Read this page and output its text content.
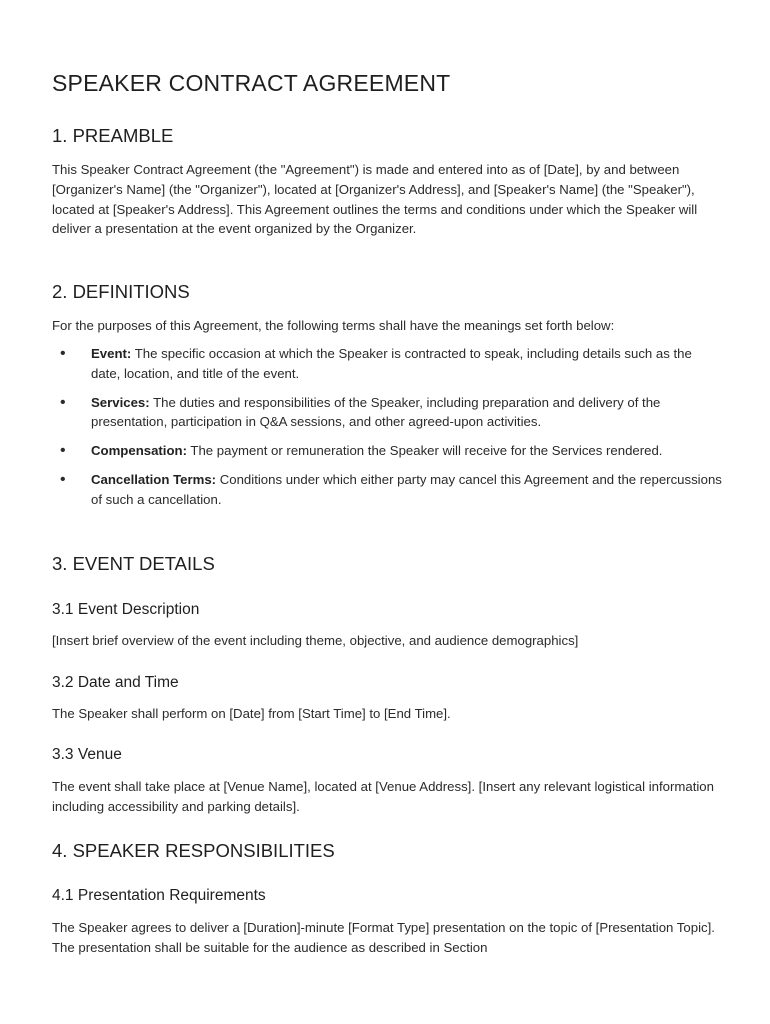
SPEAKER CONTRACT AGREEMENT
1. PREAMBLE

This Speaker Contract Agreement (the "Agreement") is made and entered into as of [Date], by and between [Organizer's Name] (the "Organizer"), located at [Organizer's Address], and [Speaker's Name] (the "Speaker"), located at [Speaker's Address]. This Agreement outlines the terms and conditions under which the Speaker will deliver a presentation at the event organized by the Organizer.

2. DEFINITIONS

For the purposes of this Agreement, the following terms shall have the meanings set forth below:

• Event: The specific occasion at which the Speaker is contracted to speak, including details such as the date, location, and title of the event.
• Services: The duties and responsibilities of the Speaker, including preparation and delivery of the presentation, participation in Q&A sessions, and other agreed-upon activities.
• Compensation: The payment or remuneration the Speaker will receive for the Services rendered.
• Cancellation Terms: Conditions under which either party may cancel this Agreement and the repercussions of such a cancellation.
3. EVENT DETAILS
3.1 Event Description

[Insert brief overview of the event including theme, objective, and audience demographics]

3.2 Date and Time

The Speaker shall perform on [Date] from [Start Time] to [End Time].

3.3 Venue

The event shall take place at [Venue Name], located at [Venue Address]. [Insert any relevant logistical information including accessibility and parking details].

4. SPEAKER RESPONSIBILITIES
4.1 Presentation Requirements

The Speaker agrees to deliver a [Duration]-minute [Format Type] presentation on the topic of [Presentation Topic]. The presentation shall be suitable for the audience as described in Section
